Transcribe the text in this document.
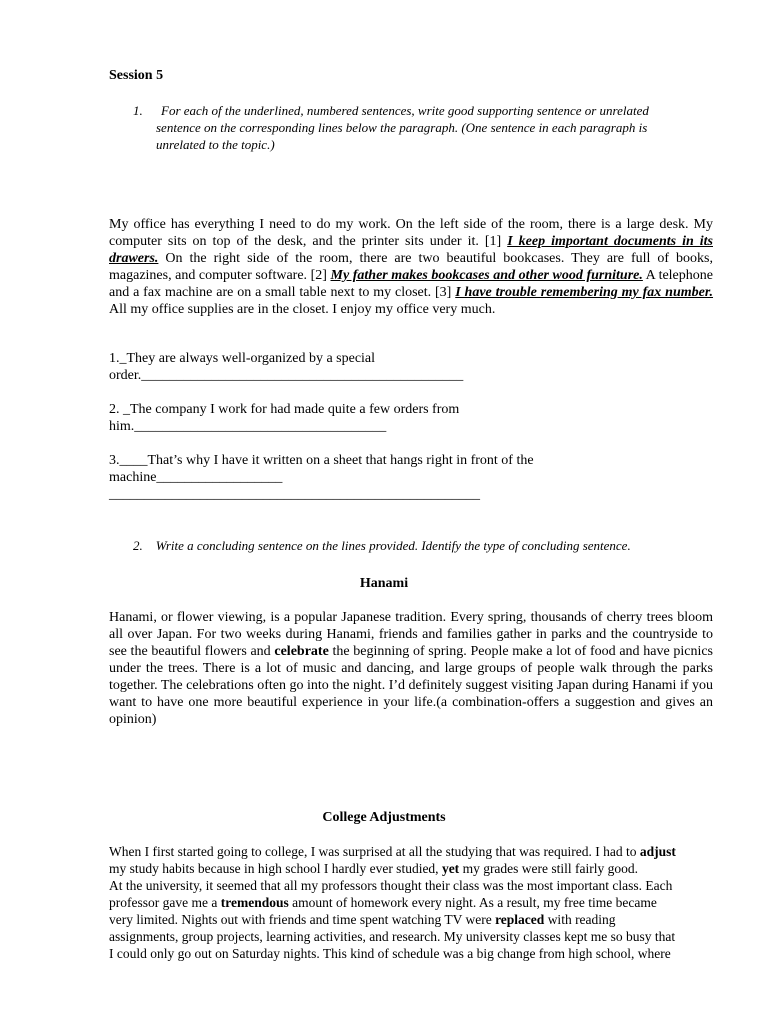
Session 5

1.	For each of the underlined, numbered sentences, write good supporting sentence or unrelated
sentence on the corresponding lines below the paragraph. (One sentence in each paragraph is
unrelated to the topic.)

My office has everything I need to do my work. On the left side of the room, there is a large desk. My computer sits on top of the desk, and the printer sits under it. [1] I keep important documents in its drawers. On the right side of the room, there are two beautiful bookcases. They are full of books, magazines, and computer software. [2] My father makes bookcases and other wood furniture. A telephone and a fax machine are on a small table next to my closet. [3] I have trouble remembering my fax number. All my office supplies are in the closet. I enjoy my office very much.

1._They are always well-organized by a special
order.______________________________________________
2. _The company I work for had made quite a few orders from
him.____________________________________
3.____That’s why I have it written on a sheet that hangs right in front of the
machine__________________
_____________________________________________________

2.    Write a concluding sentence on the lines provided. Identify the type of concluding sentence.

Hanami

Hanami, or flower viewing, is a popular Japanese tradition. Every spring, thousands of cherry trees bloom all over Japan. For two weeks during Hanami, friends and families gather in parks and the countryside to see the beautiful flowers and celebrate the beginning of spring. People make a lot of food and have picnics under the trees. There is a lot of music and dancing, and large groups of people walk through the parks together. The celebrations often go into the night. I’d definitely suggest visiting Japan during Hanami if you want to have one more beautiful experience in your life.(a combination-offers a suggestion and gives an opinion)

College Adjustments

When I first started going to college, I was surprised at all the studying that was required. I had to adjust
my study habits because in high school I hardly ever studied, yet my grades were still fairly good.
At the university, it seemed that all my professors thought their class was the most important class. Each
professor gave me a tremendous amount of homework every night. As a result, my free time became
very limited. Nights out with friends and time spent watching TV were replaced with reading
assignments, group projects, learning activities, and research. My university classes kept me so busy that
I could only go out on Saturday nights. This kind of schedule was a big change from high school, where
